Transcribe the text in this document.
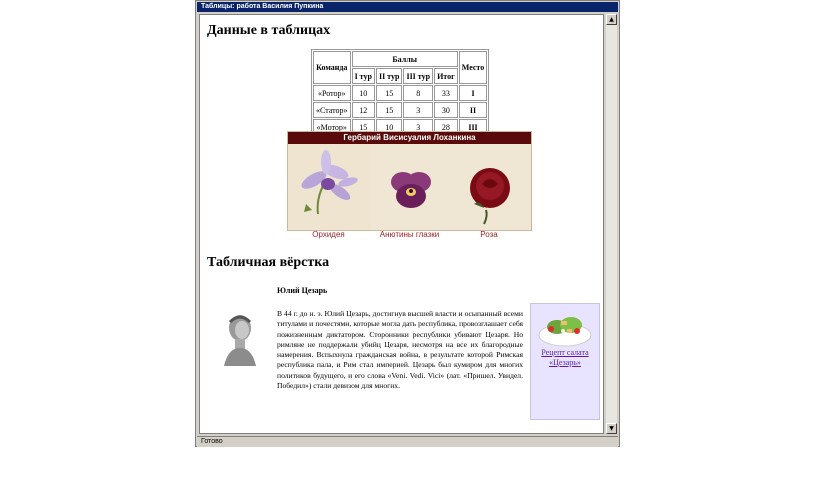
Таблицы: работа Василия Пупкина
Данные в таблицах
Команда	Баллы				Место
	I тур	II тур	III тур	Итог	
«Ротор»	10	15	8	33	I
«Статор»	12	15	3	30	II
«Мотор»	15	10	3	28	III
Гербарий Висисуалия Лоханкина
Орхидея	Анютины глазки	Роза
Табличная вёрстка
Юлий Цезарь
В 44 г. до н. э. Юлий Цезарь, достигнув высшей власти и осыпанный всеми титулами и почестями, которые могла дать республика, провозглашает себя пожизненным диктатором. Сторонники республики убивают Цезаря. Но римляне не поддержали убийц Цезаря, несмотря на все их благородные намерения. Вспыхнула гражданская война, в результате которой Римская республика пала, и Рим стал империей. Цезарь был кумиром для многих политиков будущего, и его слова «Veni. Vedi. Vici» (лат. «Пришел. Увидел. Победил») стали девизом для многих.
Рецепт салата «Цезарь»
▲
▼
Готово
